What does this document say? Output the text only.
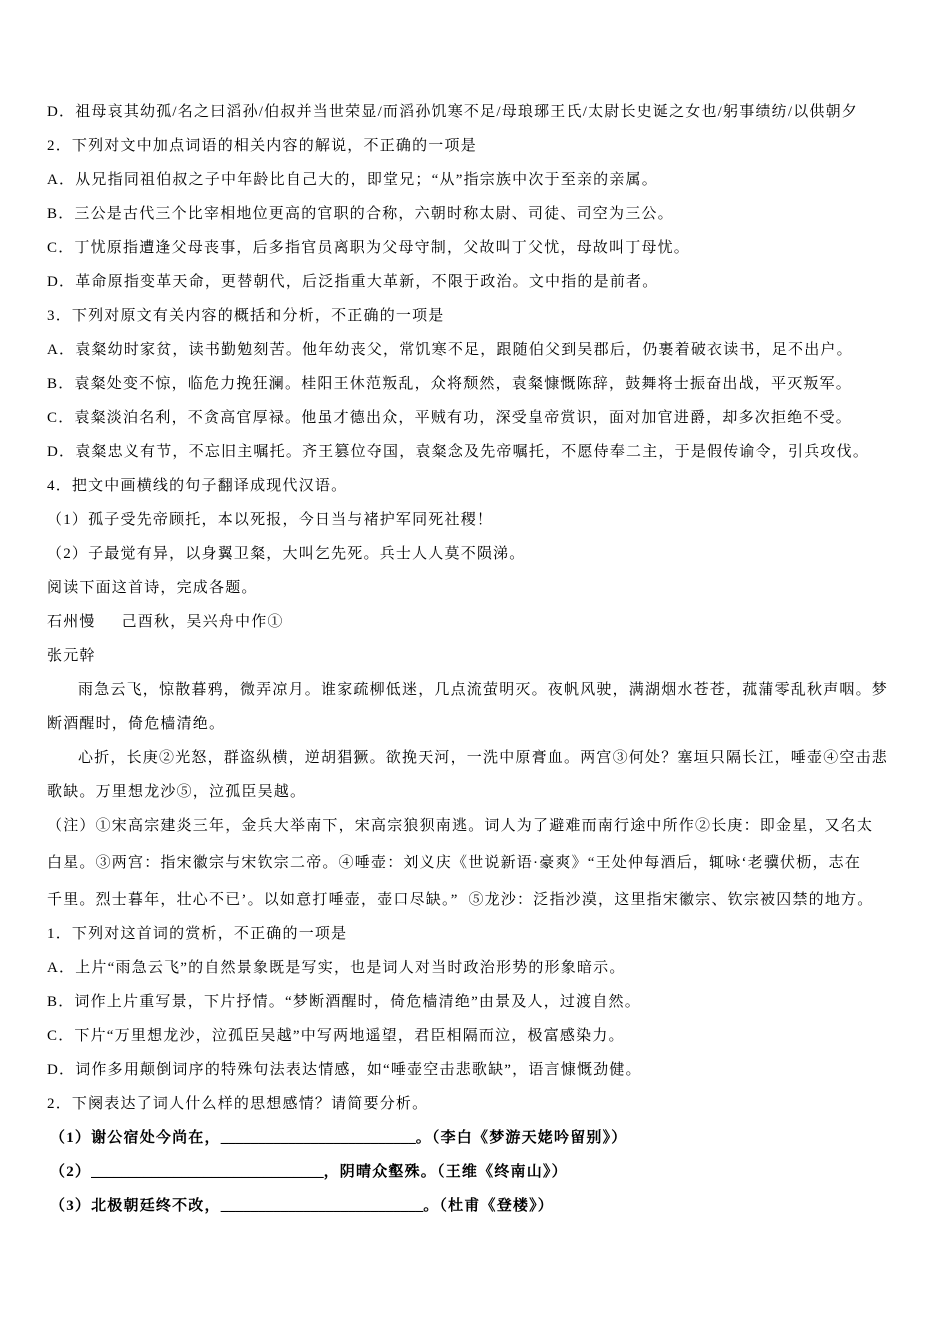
D．祖母哀其幼孤/名之曰滔孙/伯叔并当世荣显/而滔孙饥寒不足/母琅琊王氏/太尉长史诞之女也/躬事绩纺/以供朝夕
2．下列对文中加点词语的相关内容的解说，不正确的一项是
A．从兄指同祖伯叔之子中年龄比自己大的，即堂兄；“从”指宗族中次于至亲的亲属。
B．三公是古代三个比宰相地位更高的官职的合称，六朝时称太尉、司徒、司空为三公。
C．丁忧原指遭逢父母丧事，后多指官员离职为父母守制，父故叫丁父忧，母故叫丁母忧。
D．革命原指变革天命，更替朝代，后泛指重大革新，不限于政治。文中指的是前者。
3．下列对原文有关内容的概括和分析，不正确的一项是
A．袁粲幼时家贫，读书勤勉刻苦。他年幼丧父，常饥寒不足，跟随伯父到吴郡后，仍裹着破衣读书，足不出户。
B．袁粲处变不惊，临危力挽狂澜。桂阳王休范叛乱，众将颓然，袁粲慷慨陈辞，鼓舞将士振奋出战，平灭叛军。
C．袁粲淡泊名利，不贪高官厚禄。他虽才德出众，平贼有功，深受皇帝赏识，面对加官进爵，却多次拒绝不受。
D．袁粲忠义有节，不忘旧主嘱托。齐王篡位夺国，袁粲念及先帝嘱托，不愿侍奉二主，于是假传谕令，引兵攻伐。
4．把文中画横线的句子翻译成现代汉语。
（1）孤子受先帝顾托，本以死报，今日当与褚护军同死社稷！
（2）子最觉有异，以身翼卫粲，大叫乞先死。兵士人人莫不陨涕。
阅读下面这首诗，完成各题。
石州慢 己酉秋，吴兴舟中作①
张元幹
雨急云飞，惊散暮鸦，微弄凉月。谁家疏柳低迷，几点流萤明灭。夜帆风驶，满湖烟水苍苍，菰蒲零乱秋声咽。梦
断酒醒时，倚危樯清绝。
心折，长庚②光怒，群盗纵横，逆胡猖獗。欲挽天河，一洗中原膏血。两宫③何处？塞垣只隔长江，唾壶④空击悲
歌缺。万里想龙沙⑤，泣孤臣吴越。
（注）①宋高宗建炎三年，金兵大举南下，宋高宗狼狈南逃。词人为了避难而南行途中所作②长庚：即金星，又名太
白星。③两宫：指宋徽宗与宋钦宗二帝。④唾壶：刘义庆《世说新语·豪爽》“王处仲每酒后，辄咏‘老骥伏枥，志在
千里。烈士暮年，壮心不已’。以如意打唾壶，壶口尽缺。”  ⑤龙沙：泛指沙漠，这里指宋徽宗、钦宗被囚禁的地方。
1．下列对这首词的赏析，不正确的一项是
A．上片“雨急云飞”的自然景象既是写实，也是词人对当时政治形势的形象暗示。
B．词作上片重写景，下片抒情。“梦断酒醒时，倚危樯清绝”由景及人，过渡自然。
C．下片“万里想龙沙，泣孤臣吴越”中写两地遥望，君臣相隔而泣，极富感染力。
D．词作多用颠倒词序的特殊句法表达情感，如“唾壶空击悲歌缺”，语言慷慨劲健。
2．下阕表达了词人什么样的思想感情？请简要分析。
（1）谢公宿处今尚在，__________________________。（李白《梦游天姥吟留别》）
（2）_______________________________，阴晴众壑殊。（王维《终南山》）
（3）北极朝廷终不改，___________________________。（杜甫《登楼》）
